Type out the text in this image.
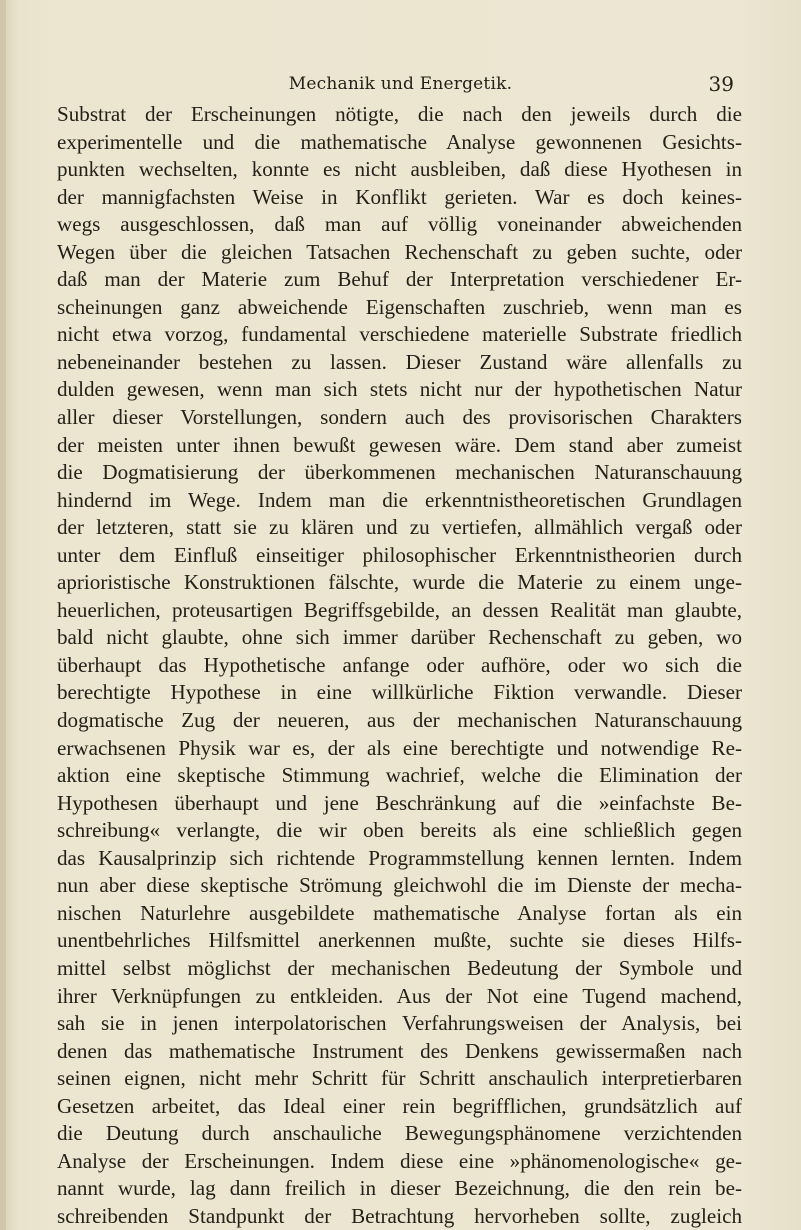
Mechanik und Energetik.	39
Substrat der Erscheinungen nötigte, die nach den jeweils durch die
experimentelle und die mathematische Analyse gewonnenen Gesichts-
punkten wechselten, konnte es nicht ausbleiben, daß diese Hyothesen in
der mannigfachsten Weise in Konflikt gerieten. War es doch keines-
wegs ausgeschlossen, daß man auf völlig voneinander abweichenden
Wegen über die gleichen Tatsachen Rechenschaft zu geben suchte, oder
daß man der Materie zum Behuf der Interpretation verschiedener Er-
scheinungen ganz abweichende Eigenschaften zuschrieb, wenn man es
nicht etwa vorzog, fundamental verschiedene materielle Substrate friedlich
nebeneinander bestehen zu lassen. Dieser Zustand wäre allenfalls zu
dulden gewesen, wenn man sich stets nicht nur der hypothetischen Natur
aller dieser Vorstellungen, sondern auch des provisorischen Charakters
der meisten unter ihnen bewußt gewesen wäre. Dem stand aber zumeist
die Dogmatisierung der überkommenen mechanischen Naturanschauung
hindernd im Wege. Indem man die erkenntnistheoretischen Grundlagen
der letzteren, statt sie zu klären und zu vertiefen, allmählich vergaß oder
unter dem Einfluß einseitiger philosophischer Erkenntnistheorien durch
aprioristische Konstruktionen fälschte, wurde die Materie zu einem unge-
heuerlichen, proteusartigen Begriffsgebilde, an dessen Realität man glaubte,
bald nicht glaubte, ohne sich immer darüber Rechenschaft zu geben, wo
überhaupt das Hypothetische anfange oder aufhöre, oder wo sich die
berechtigte Hypothese in eine willkürliche Fiktion verwandle. Dieser
dogmatische Zug der neueren, aus der mechanischen Naturanschauung
erwachsenen Physik war es, der als eine berechtigte und notwendige Re-
aktion eine skeptische Stimmung wachrief, welche die Elimination der
Hypothesen überhaupt und jene Beschränkung auf die »einfachste Be-
schreibung« verlangte, die wir oben bereits als eine schließlich gegen
das Kausalprinzip sich richtende Programmstellung kennen lernten. Indem
nun aber diese skeptische Strömung gleichwohl die im Dienste der mecha-
nischen Naturlehre ausgebildete mathematische Analyse fortan als ein
unentbehrliches Hilfsmittel anerkennen mußte, suchte sie dieses Hilfs-
mittel selbst möglichst der mechanischen Bedeutung der Symbole und
ihrer Verknüpfungen zu entkleiden. Aus der Not eine Tugend machend,
sah sie in jenen interpolatorischen Verfahrungsweisen der Analysis, bei
denen das mathematische Instrument des Denkens gewissermaßen nach
seinen eignen, nicht mehr Schritt für Schritt anschaulich interpretierbaren
Gesetzen arbeitet, das Ideal einer rein begrifflichen, grundsätzlich auf
die Deutung durch anschauliche Bewegungsphänomene verzichtenden
Analyse der Erscheinungen. Indem diese eine »phänomenologische« ge-
nannt wurde, lag dann freilich in dieser Bezeichnung, die den rein be-
schreibenden Standpunkt der Betrachtung hervorheben sollte, zugleich
